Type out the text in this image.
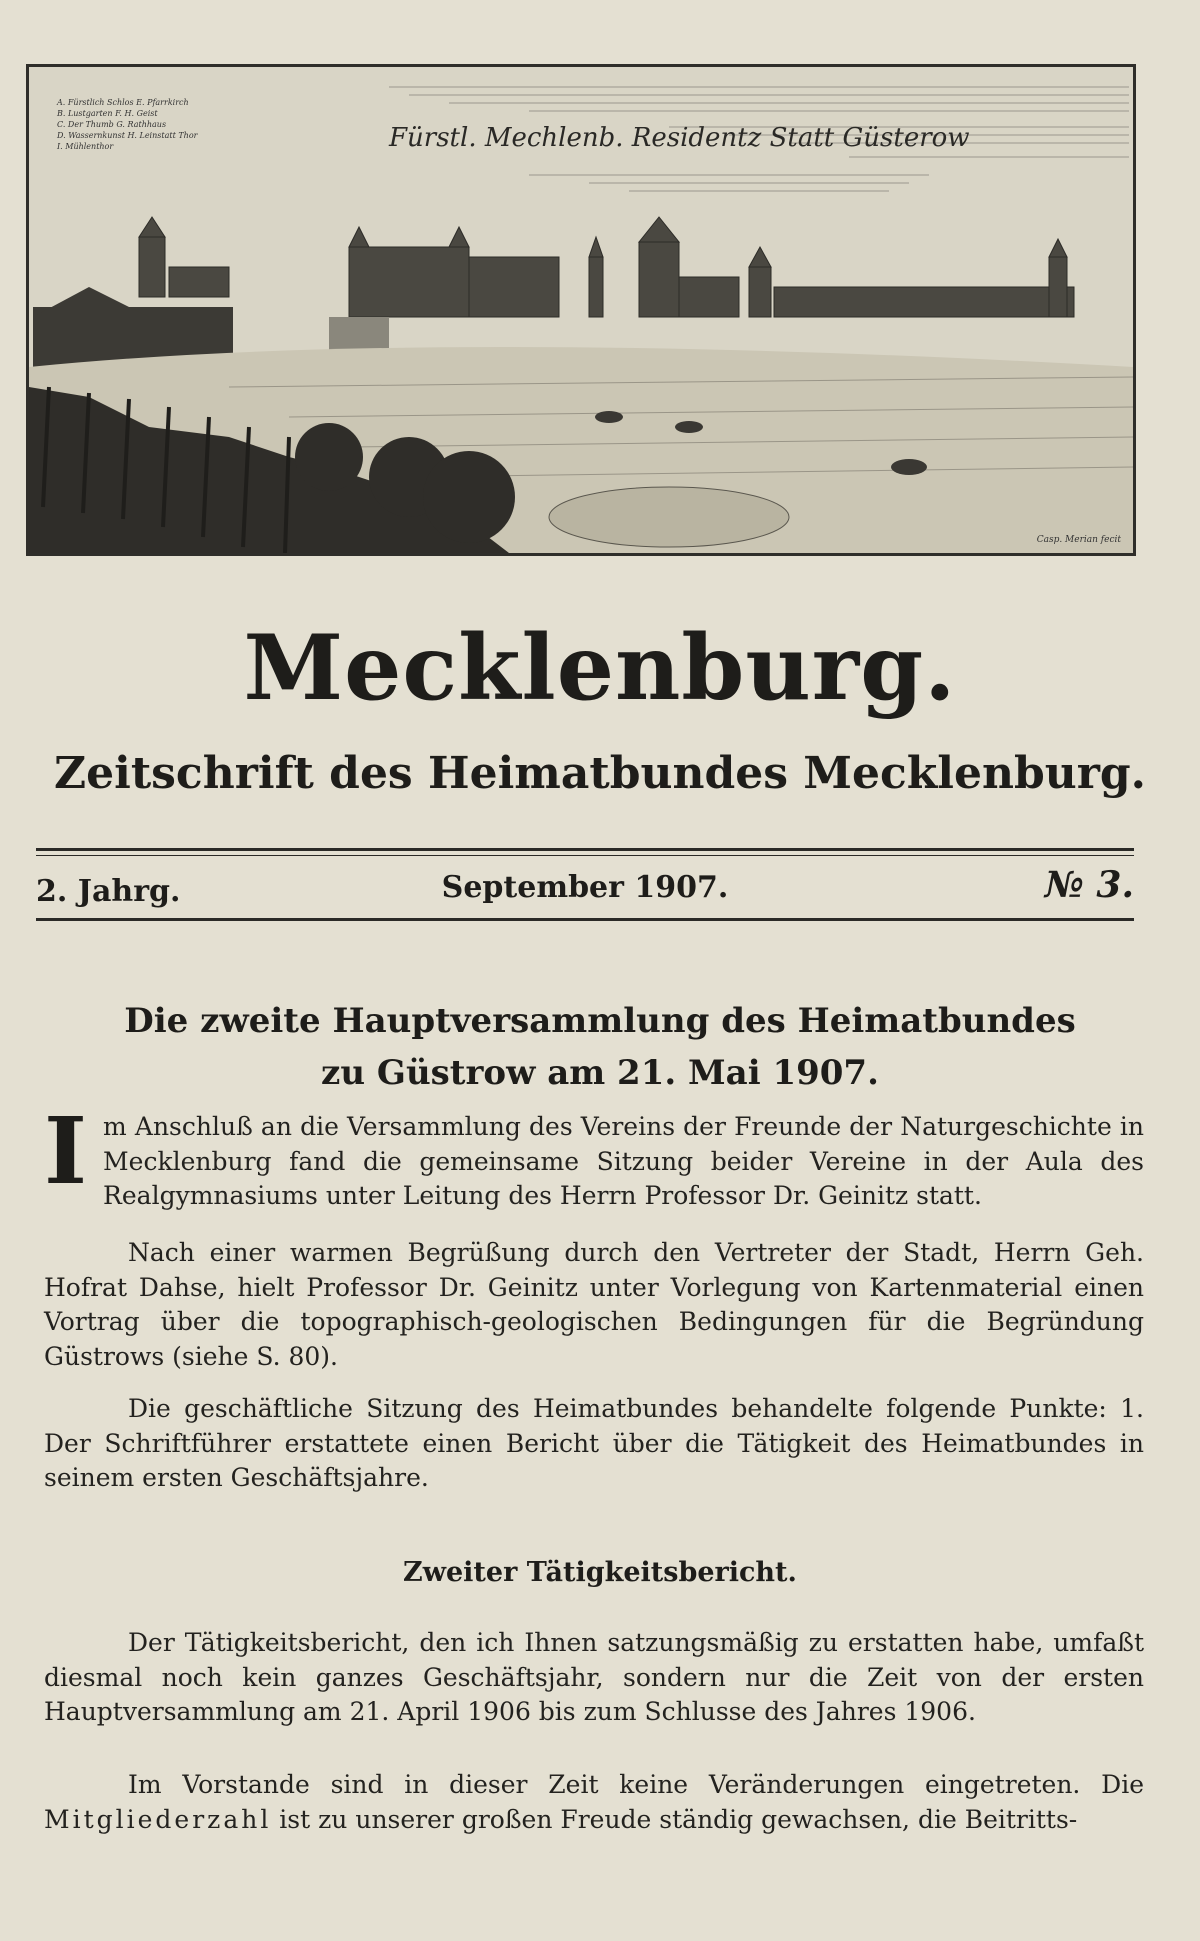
A. Fürstlich Schlos E. Pfarrkirch
B. Lustgarten F. H. Geist
C. Der Thumb G. Rathhaus
D. Wassernkunst H. Leinstatt Thor
I. Mühlenthor	Fürstl. Mechlenb. Residentz Statt Güsterow
Casp. Merian fecit
Mecklenburg.
Zeitschrift des Heimatbundes Mecklenburg.
2. Jahrg.	September 1907.	№ 3.
Die zweite Hauptversammlung des Heimatbundes
zu Güstrow am 21. Mai 1907.
Im Anschluß an die Versammlung des Vereins der Freunde der Naturgeschichte in Mecklenburg fand die gemeinsame Sitzung beider Vereine in der Aula des Realgymnasiums unter Leitung des Herrn Professor Dr. Geinitz statt.
Nach einer warmen Begrüßung durch den Vertreter der Stadt, Herrn Geh. Hofrat Dahse, hielt Professor Dr. Geinitz unter Vorlegung von Kartenmaterial einen Vortrag über die topographisch-geologischen Bedingungen für die Begründung Güstrows (siehe S. 80).
Die geschäftliche Sitzung des Heimatbundes behandelte folgende Punkte: 1. Der Schriftführer erstattete einen Bericht über die Tätigkeit des Heimatbundes in seinem ersten Geschäftsjahre.
Zweiter Tätigkeitsbericht.
Der Tätigkeitsbericht, den ich Ihnen satzungsmäßig zu erstatten habe, umfaßt diesmal noch kein ganzes Geschäftsjahr, sondern nur die Zeit von der ersten Hauptversammlung am 21. April 1906 bis zum Schlusse des Jahres 1906.
Im Vorstande sind in dieser Zeit keine Veränderungen eingetreten. Die Mitgliederzahl ist zu unserer großen Freude ständig gewachsen, die Beitritts-
